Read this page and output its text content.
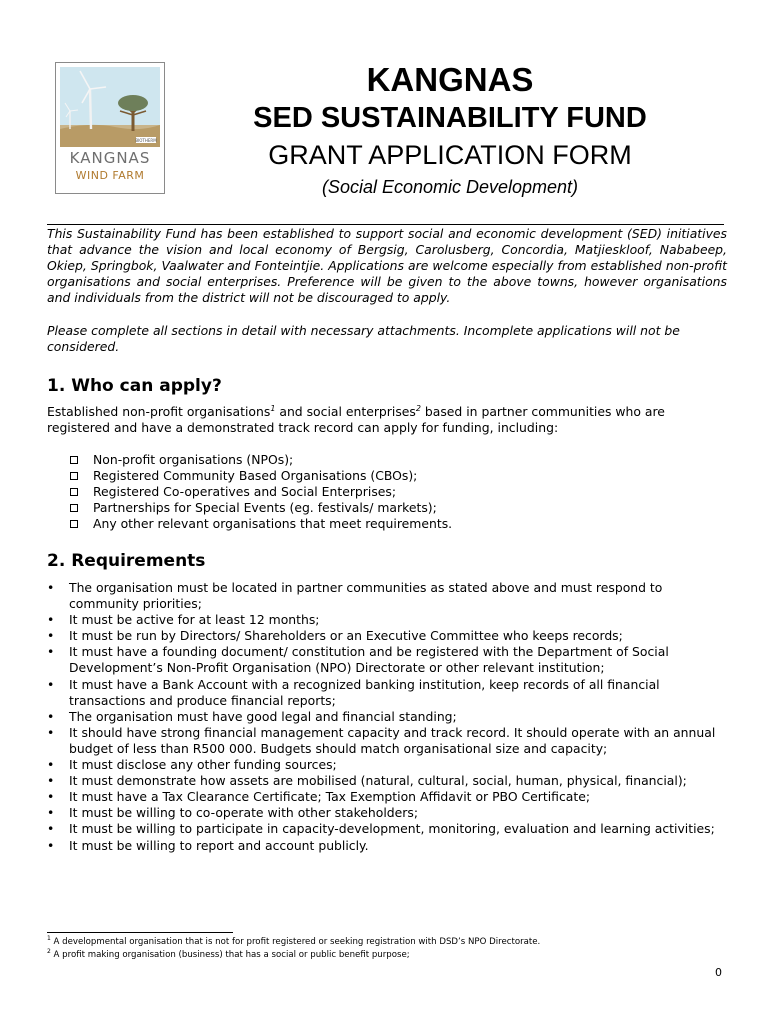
BIOTHERM
KANGNAS
WIND FARM
KANGNAS
SED SUSTAINABILITY FUND
GRANT APPLICATION FORM
(Social Economic Development)

This Sustainability Fund has been established to support social and economic development (SED) initiatives that advance the vision and local economy of Bergsig, Carolusberg, Concordia, Matjieskloof, Nababeep, Okiep, Springbok, Vaalwater and Fonteintjie. Applications are welcome especially from established non-profit organisations and social enterprises. Preference will be given to the above towns, however organisations and individuals from the district will not be discouraged to apply.

Please complete all sections in detail with necessary attachments. Incomplete applications will not be considered.

1. Who can apply?

Established non-profit organisations$^1$ and social enterprises$^2$ based in partner communities who are registered and have a demonstrated track record can apply for funding, including:

Non-profit organisations (NPOs);
Registered Community Based Organisations (CBOs);
Registered Co-operatives and Social Enterprises;
Partnerships for Special Events (eg. festivals/ markets);
Any other relevant organisations that meet requirements.
2. Requirements
• The organisation must be located in partner communities as stated above and must respond to community priorities;
• It must be active for at least 12 months;
• It must be run by Directors/ Shareholders or an Executive Committee who keeps records;
• It must have a founding document/ constitution and be registered with the Department of Social Development’s Non-Profit Organisation (NPO) Directorate or other relevant institution;
• It must have a Bank Account with a recognized banking institution, keep records of all financial transactions and produce financial reports;
• The organisation must have good legal and financial standing;
• It should have strong financial management capacity and track record. It should operate with an annual budget of less than R500 000. Budgets should match organisational size and capacity;
• It must disclose any other funding sources;
• It must demonstrate how assets are mobilised (natural, cultural, social, human, physical, financial);
• It must have a Tax Clearance Certificate; Tax Exemption Affidavit or PBO Certificate;
• It must be willing to co-operate with other stakeholders;
• It must be willing to participate in capacity-development, monitoring, evaluation and learning activities;
• It must be willing to report and account publicly.
$^1$ A developmental organisation that is not for profit registered or seeking registration with DSD’s NPO Directorate.
$^2$ A profit making organisation (business) that has a social or public benefit purpose;
0
